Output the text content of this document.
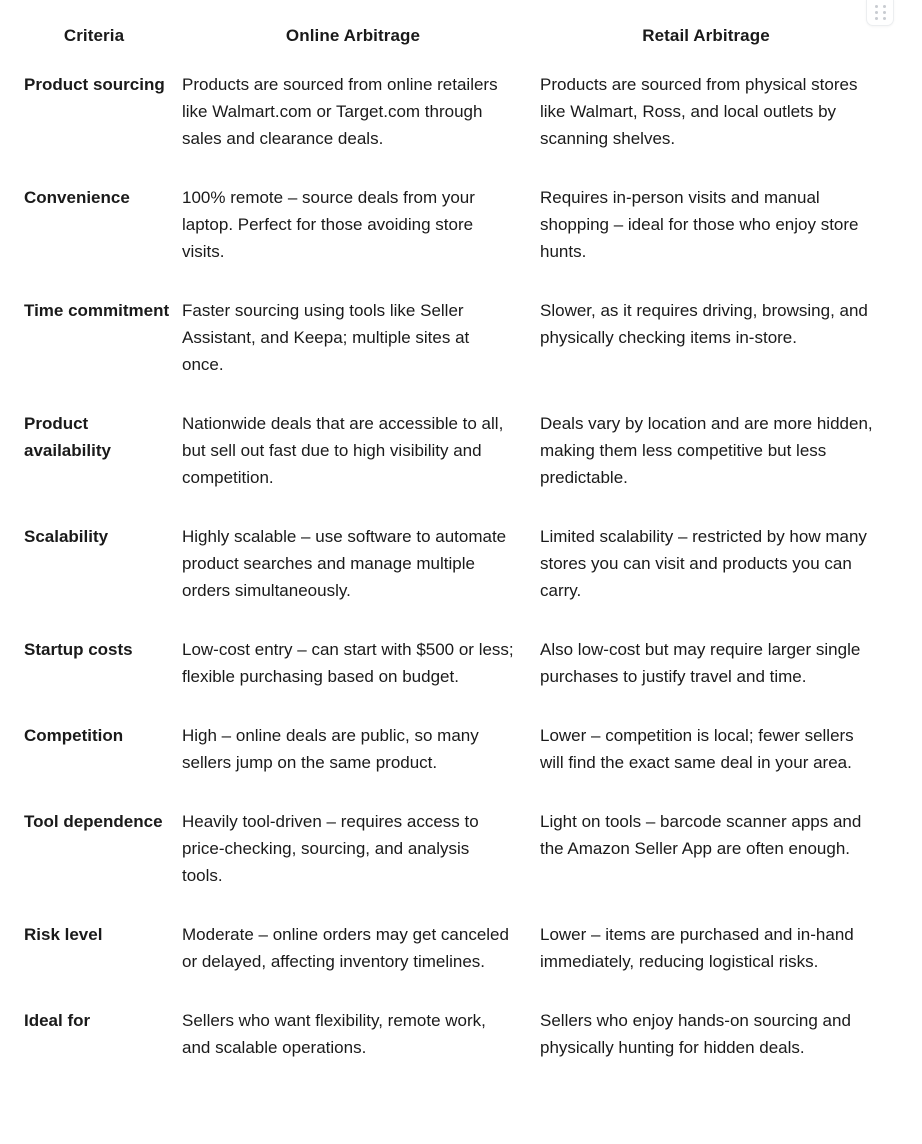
Criteria	Online Arbitrage	Retail Arbitrage
Product sourcing	Products are sourced from online retailers like Walmart.com or Target.com through sales and clearance deals.	Products are sourced from physical stores like Walmart, Ross, and local outlets by scanning shelves.
Convenience	100% remote – source deals from your laptop. Perfect for those avoiding store visits.	Requires in-person visits and manual shopping – ideal for those who enjoy store hunts.
Time commitment	Faster sourcing using tools like Seller Assistant, and Keepa; multiple sites at once.	Slower, as it requires driving, browsing, and physically checking items in-store.
Product availability	Nationwide deals that are accessible to all, but sell out fast due to high visibility and competition.	Deals vary by location and are more hidden, making them less competitive but less predictable.
Scalability	Highly scalable – use software to automate product searches and manage multiple orders simultaneously.	Limited scalability – restricted by how many stores you can visit and products you can carry.
Startup costs	Low-cost entry – can start with $500 or less; flexible purchasing based on budget.	Also low-cost but may require larger single purchases to justify travel and time.
Competition	High – online deals are public, so many sellers jump on the same product.	Lower – competition is local; fewer sellers will find the exact same deal in your area.
Tool dependence	Heavily tool-driven – requires access to price-checking, sourcing, and analysis tools.	Light on tools – barcode scanner apps and the Amazon Seller App are often enough.
Risk level	Moderate – online orders may get canceled or delayed, affecting inventory timelines.	Lower – items are purchased and in-hand immediately, reducing logistical risks.
Ideal for	Sellers who want flexibility, remote work, and scalable operations.	Sellers who enjoy hands-on sourcing and physically hunting for hidden deals.
